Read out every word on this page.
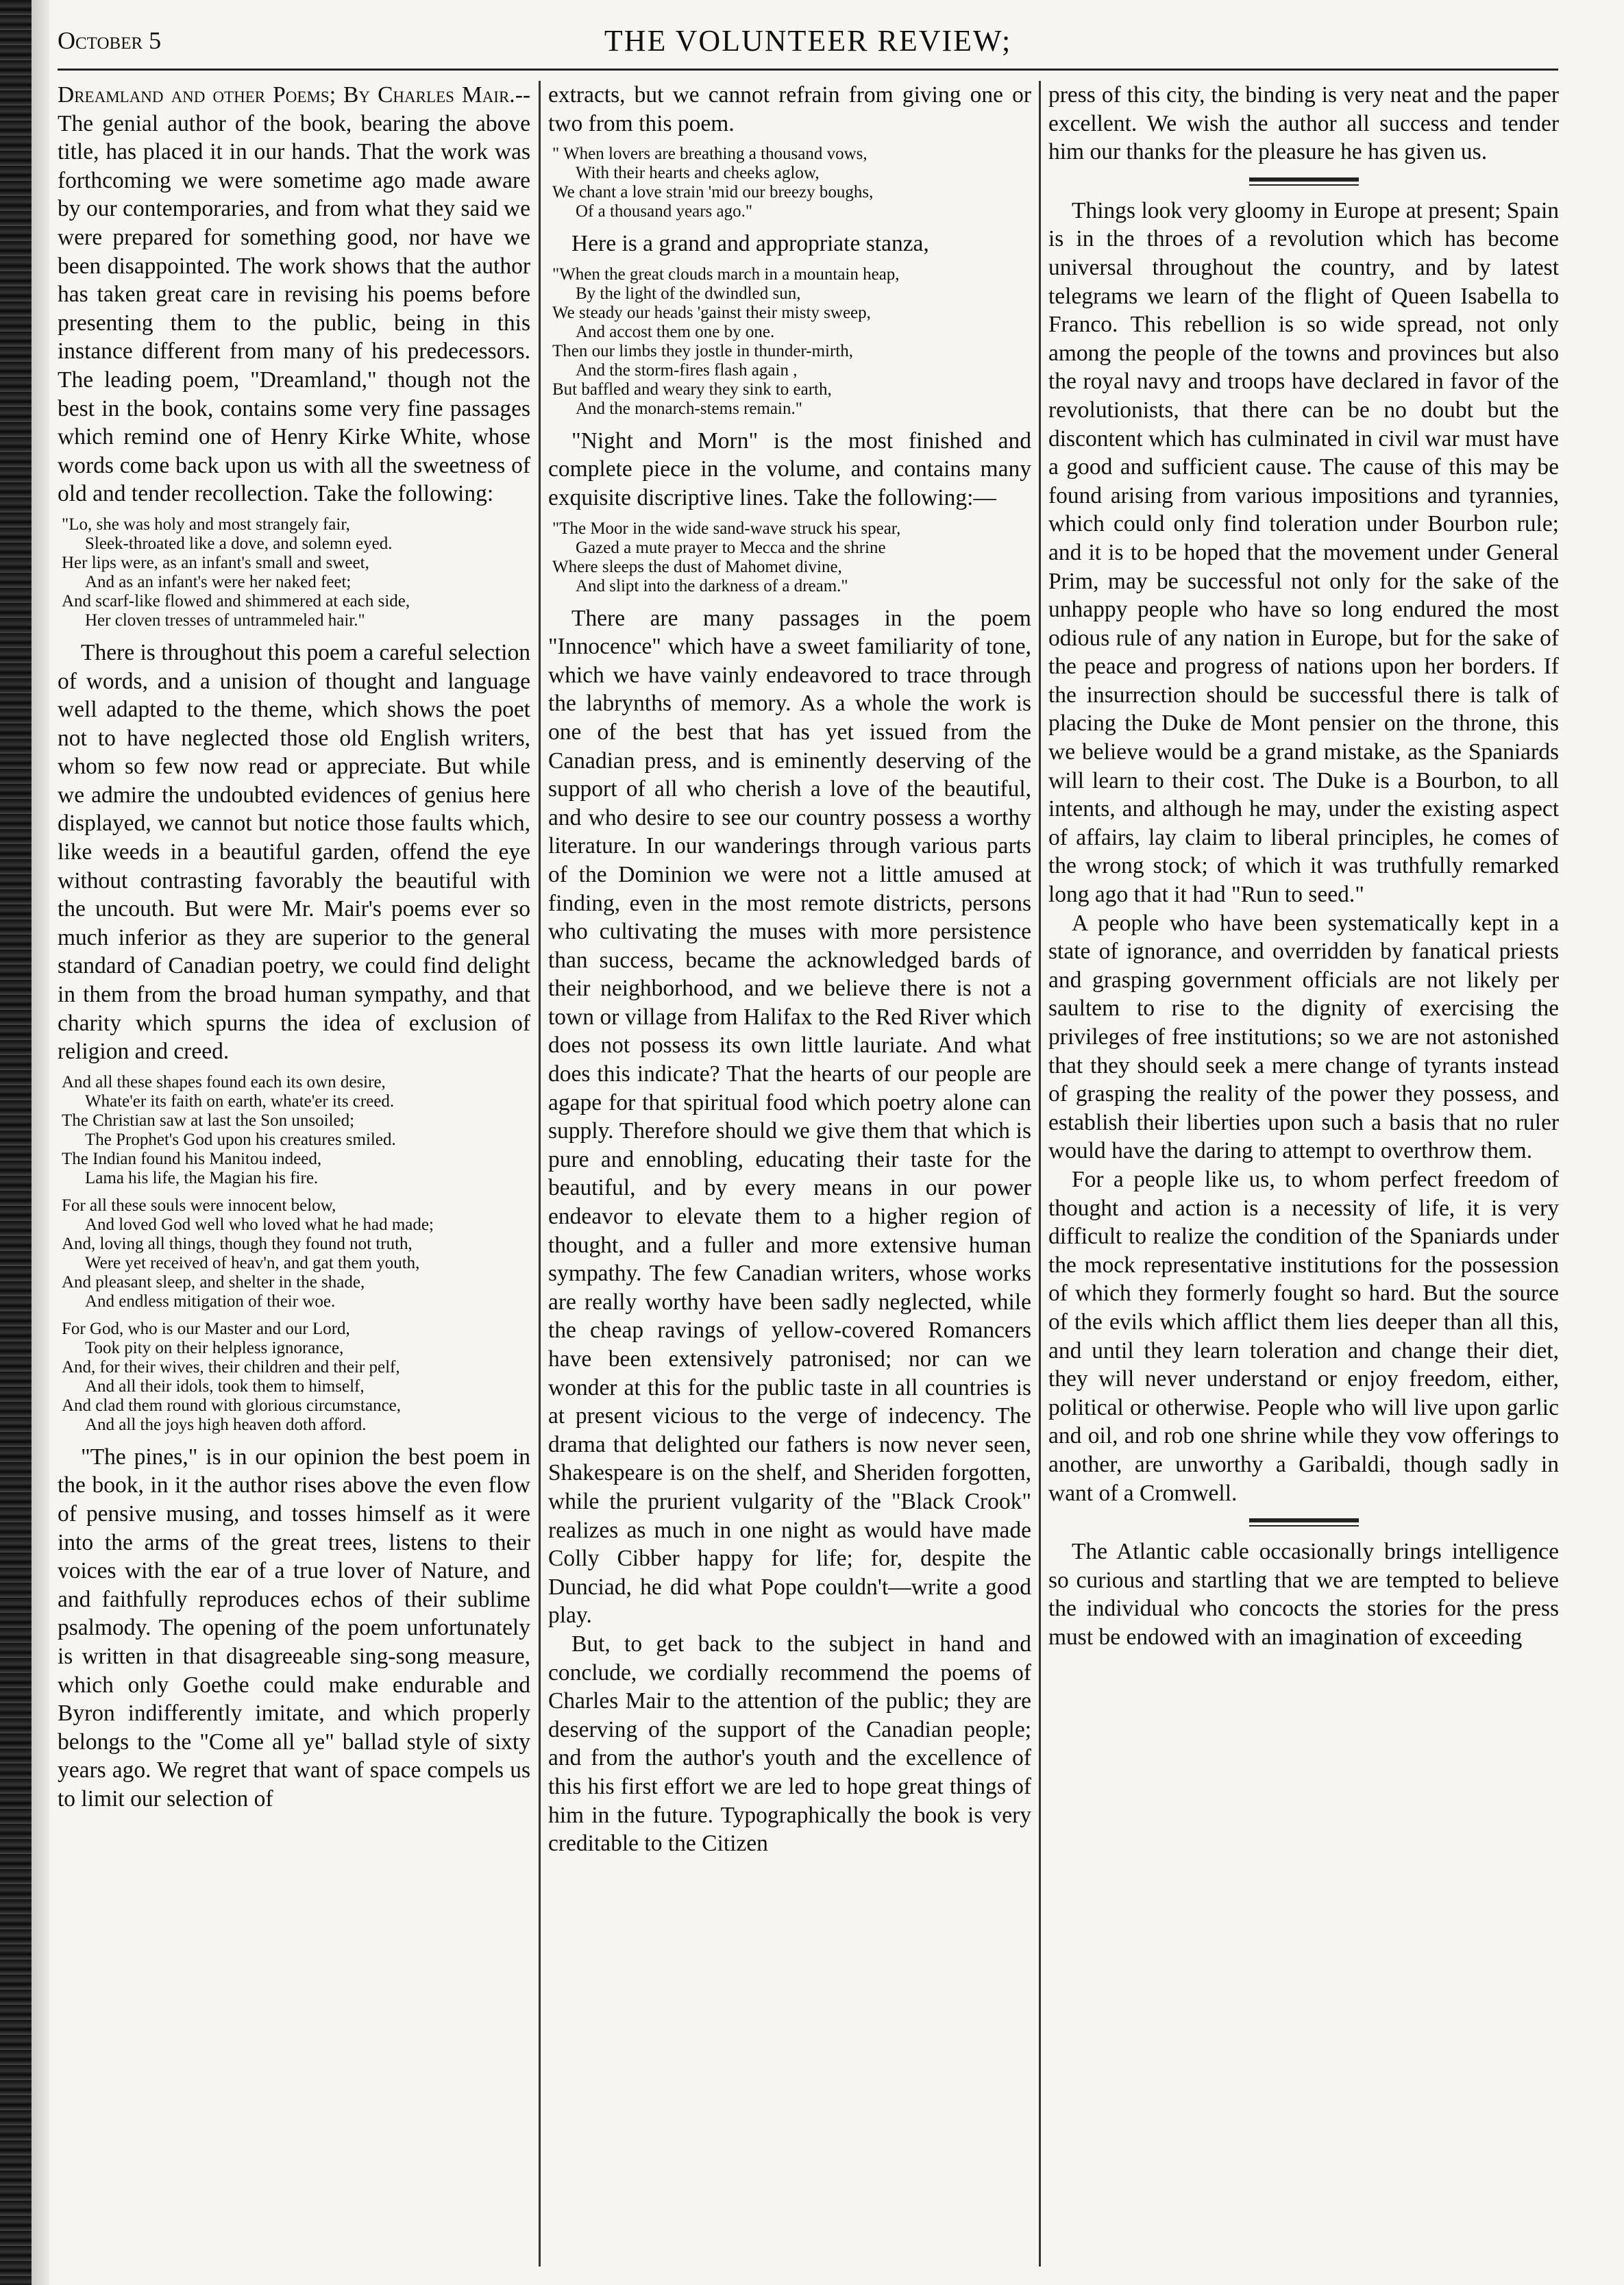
October 5	THE VOLUNTEER REVIEW;

Dreamland and other Poems; By Charles Mair.--The genial author of the book, bearing the above title, has placed it in our hands. That the work was forthcoming we were sometime ago made aware by our contemporaries, and from what they said we were prepared for something good, nor have we been disappointed. The work shows that the author has taken great care in revising his poems before presenting them to the public, being in this instance different from many of his predecessors. The leading poem, "Dreamland," though not the best in the book, contains some very fine passages which remind one of Henry Kirke White, whose words come back upon us with all the sweetness of old and tender recollection. Take the following:

"Lo, she was holy and most strangely fair,
Sleek-throated like a dove, and solemn eyed.
Her lips were, as an infant's small and sweet,
And as an infant's were her naked feet;
And scarf-like flowed and shimmered at each side,
Her cloven tresses of untrammeled hair."

There is throughout this poem a careful selection of words, and a unision of thought and language well adapted to the theme, which shows the poet not to have neglected those old English writers, whom so few now read or appreciate. But while we admire the undoubted evidences of genius here displayed, we cannot but notice those faults which, like weeds in a beautiful garden, offend the eye without contrasting favorably the beautiful with the uncouth. But were Mr. Mair's poems ever so much inferior as they are superior to the general standard of Canadian poetry, we could find delight in them from the broad human sympathy, and that charity which spurns the idea of exclusion of religion and creed.

And all these shapes found each its own desire,
Whate'er its faith on earth, whate'er its creed.
The Christian saw at last the Son unsoiled;
The Prophet's God upon his creatures smiled.
The Indian found his Manitou indeed,
Lama his life, the Magian his fire.
For all these souls were innocent below,
And loved God well who loved what he had made;
And, loving all things, though they found not truth,
Were yet received of heav'n, and gat them youth,
And pleasant sleep, and shelter in the shade,
And endless mitigation of their woe.
For God, who is our Master and our Lord,
Took pity on their helpless ignorance,
And, for their wives, their children and their pelf,
And all their idols, took them to himself,
And clad them round with glorious circumstance,
And all the joys high heaven doth afford.

"The pines," is in our opinion the best poem in the book, in it the author rises above the even flow of pensive musing, and tosses himself as it were into the arms of the great trees, listens to their voices with the ear of a true lover of Nature, and and faithfully reproduces echos of their sublime psalmody. The opening of the poem unfortunately is written in that disagreeable sing-song measure, which only Goethe could make endurable and Byron indifferently imitate, and which properly belongs to the "Come all ye" ballad style of sixty years ago. We regret that want of space compels us to limit our selection of

extracts, but we cannot refrain from giving one or two from this poem.

" When lovers are breathing a thousand vows,
With their hearts and cheeks aglow,
We chant a love strain 'mid our breezy boughs,
Of a thousand years ago."

Here is a grand and appropriate stanza,

"When the great clouds march in a mountain heap,
By the light of the dwindled sun,
We steady our heads 'gainst their misty sweep,
And accost them one by one.
Then our limbs they jostle in thunder-mirth,
And the storm-fires flash again ,
But baffled and weary they sink to earth,
And the monarch-stems remain."

"Night and Morn" is the most finished and complete piece in the volume, and contains many exquisite discriptive lines. Take the following:—

"The Moor in the wide sand-wave struck his spear,
Gazed a mute prayer to Mecca and the shrine
Where sleeps the dust of Mahomet divine,
And slipt into the darkness of a dream."

There are many passages in the poem "Innocence" which have a sweet familiarity of tone, which we have vainly endeavored to trace through the labrynths of memory. As a whole the work is one of the best that has yet issued from the Canadian press, and is eminently deserving of the support of all who cherish a love of the beautiful, and who desire to see our country possess a worthy literature. In our wanderings through various parts of the Dominion we were not a little amused at finding, even in the most remote districts, persons who cultivating the muses with more persistence than success, became the acknowledged bards of their neighborhood, and we believe there is not a town or village from Halifax to the Red River which does not possess its own little lauriate. And what does this indicate? That the hearts of our people are agape for that spiritual food which poetry alone can supply. Therefore should we give them that which is pure and ennobling, educating their taste for the beautiful, and by every means in our power endeavor to elevate them to a higher region of thought, and a fuller and more extensive human sympathy. The few Canadian writers, whose works are really worthy have been sadly neglected, while the cheap ravings of yellow-covered Romancers have been extensively patronised; nor can we wonder at this for the public taste in all countries is at present vicious to the verge of indecency. The drama that delighted our fathers is now never seen, Shakespeare is on the shelf, and Sheriden forgotten, while the prurient vulgarity of the "Black Crook" realizes as much in one night as would have made Colly Cibber happy for life; for, despite the Dunciad, he did what Pope couldn't—write a good play.

But, to get back to the subject in hand and conclude, we cordially recommend the poems of Charles Mair to the attention of the public; they are deserving of the support of the Canadian people; and from the author's youth and the excellence of this his first effort we are led to hope great things of him in the future. Typographically the book is very creditable to the Citizen

press of this city, the binding is very neat and the paper excellent. We wish the author all success and tender him our thanks for the pleasure he has given us.

Things look very gloomy in Europe at present; Spain is in the throes of a revolution which has become universal throughout the country, and by latest telegrams we learn of the flight of Queen Isabella to Franco. This rebellion is so wide spread, not only among the people of the towns and provinces but also the royal navy and troops have declared in favor of the revolutionists, that there can be no doubt but the discontent which has culminated in civil war must have a good and sufficient cause. The cause of this may be found arising from various impositions and tyrannies, which could only find toleration under Bourbon rule; and it is to be hoped that the movement under General Prim, may be successful not only for the sake of the unhappy people who have so long endured the most odious rule of any nation in Europe, but for the sake of the peace and progress of nations upon her borders. If the insurrection should be successful there is talk of placing the Duke de Mont pensier on the throne, this we believe would be a grand mistake, as the Spaniards will learn to their cost. The Duke is a Bourbon, to all intents, and although he may, under the existing aspect of affairs, lay claim to liberal principles, he comes of the wrong stock; of which it was truthfully remarked long ago that it had "Run to seed."

A people who have been systematically kept in a state of ignorance, and overridden by fanatical priests and grasping government officials are not likely per saultem to rise to the dignity of exercising the privileges of free institutions; so we are not astonished that they should seek a mere change of tyrants instead of grasping the reality of the power they possess, and establish their liberties upon such a basis that no ruler would have the daring to attempt to overthrow them.

For a people like us, to whom perfect freedom of thought and action is a necessity of life, it is very difficult to realize the condition of the Spaniards under the mock representative institutions for the possession of which they formerly fought so hard. But the source of the evils which afflict them lies deeper than all this, and until they learn toleration and change their diet, they will never understand or enjoy freedom, either, political or otherwise. People who will live upon garlic and oil, and rob one shrine while they vow offerings to another, are unworthy a Garibaldi, though sadly in want of a Cromwell.

The Atlantic cable occasionally brings intelligence so curious and startling that we are tempted to believe the individual who concocts the stories for the press must be endowed with an imagination of exceeding
